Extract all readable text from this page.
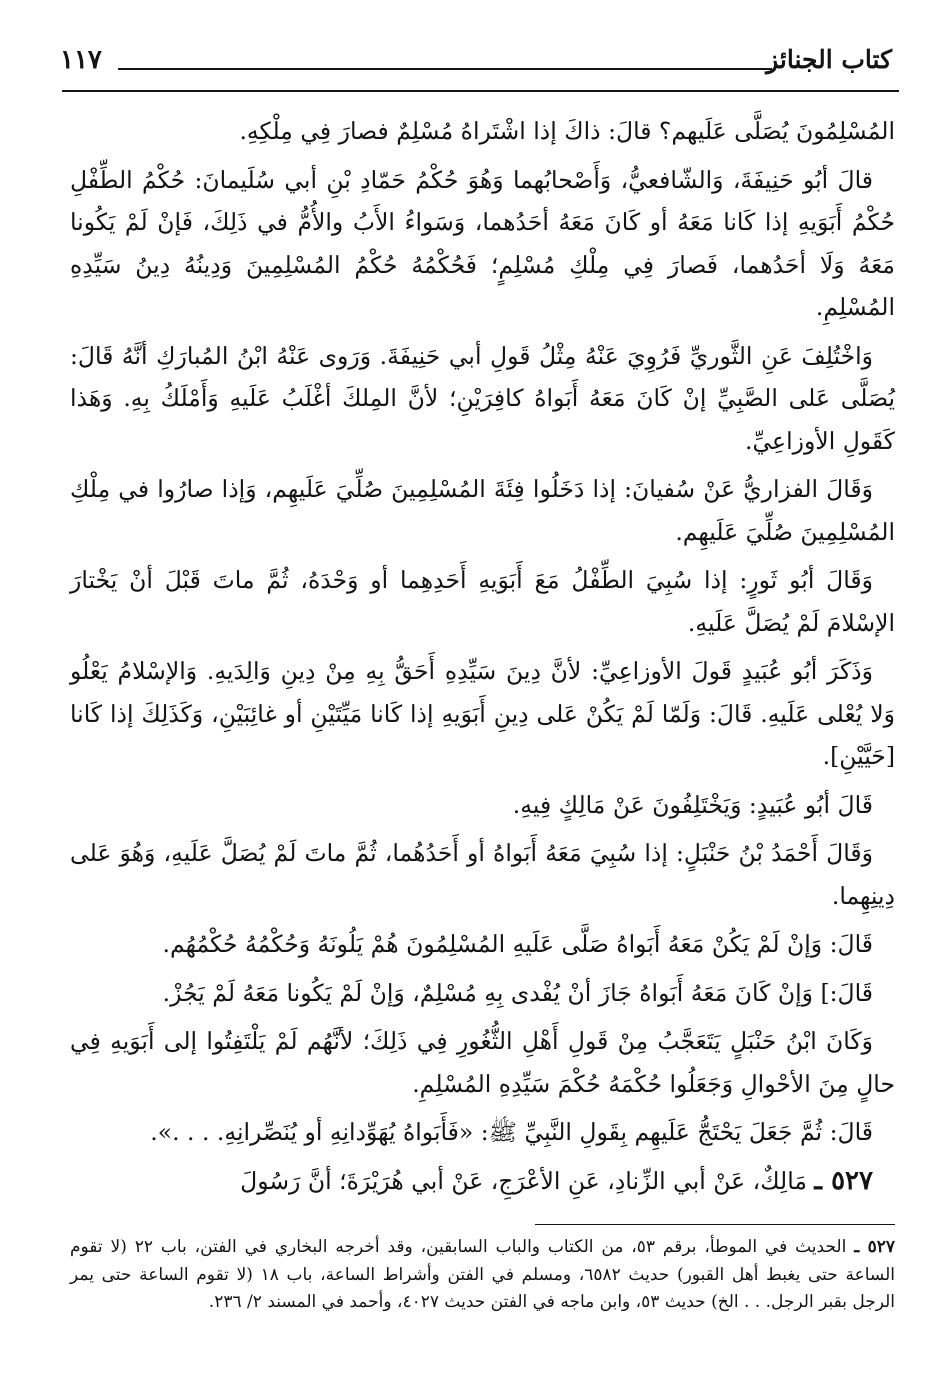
كتاب الجنائز
١١٧

المُسْلِمُونَ يُصَلَّى عَلَيهم؟ قالَ: ذاكَ إذا اشْتَراهُ مُسْلِمٌ فصارَ فِي مِلْكِهِ.

قالَ أبُو حَنِيفَةَ، وَالشّافعيُّ، وَأَصْحابُهما وَهُوَ حُكْمُ حَمّادِ بْنِ أبي سُلَيمانَ: حُكْمُ الطِّفْلِ حُكْمُ أَبَوَيهِ إذا كَانا مَعَهُ أو كَانَ مَعَهُ أحَدُهما، وَسَواءُ الأَبُ والأُمُّ في ذَلِكَ، فَإنْ لَمْ يَكُونا مَعَهُ وَلَا أحَدُهما، فَصارَ فِي مِلْكِ مُسْلِمٍ؛ فَحُكْمُهُ حُكْمُ المُسْلِمِينَ وَدِينُهُ دِينُ سَيِّدِهِ المُسْلِمِ.

وَاخْتُلِفَ عَنِ الثَّوريِّ فَرُوِيَ عَنْهُ مِثْلُ قَولِ أبي حَنِيفَةَ. وَرَوى عَنْهُ ابْنُ المُبارَكِ أنَّهُ قَالَ: يُصَلَّى عَلى الصَّبِيِّ إنْ كَانَ مَعَهُ أَبَواهُ كافِرَيْنِ؛ لأنَّ المِلكَ أغْلَبُ عَلَيهِ وَأَمْلَكُ بِهِ. وَهَذا كَقَولِ الأوزاعِيِّ.

وَقَالَ الفزاريُّ عَنْ سُفيانَ: إذا دَخَلُوا فِئَةَ المُسْلِمِينَ صُلِّيَ عَلَيهِم، وَإذا صارُوا في مِلْكِ المُسْلِمِينَ صُلِّيَ عَلَيهِم.

وَقَالَ أبُو ثَورٍ: إذا سُبِيَ الطِّفْلُ مَعَ أَبَوَيهِ أَحَدِهِما أو وَحْدَهُ، ثُمَّ ماتَ قَبْلَ أنْ يَخْتارَ الإسْلامَ لَمْ يُصَلَّ عَلَيهِ.

وَذَكَرَ أبُو عُبَيدٍ قَولَ الأوزاعِيِّ: لأنَّ دِينَ سَيِّدِهِ أَحَقُّ بِهِ مِنْ دِينِ وَالِدَيهِ. وَالإسْلامُ يَعْلُو وَلا يُعْلى عَلَيهِ. قَالَ: وَلَمّا لَمْ يَكُنْ عَلى دِينِ أَبَوَيهِ إذا كَانا مَيِّتَيْنِ أو غائِبَيْنِ، وَكَذَلِكَ إذا كَانا [حَيَّيْنِ].

قَالَ أبُو عُبَيدٍ: وَيَخْتَلِفُونَ عَنْ مَالِكٍ فِيهِ.

وَقَالَ أَحْمَدُ بْنُ حَنْبَلٍ: إذا سُبِيَ مَعَهُ أَبَواهُ أو أَحَدُهُما، ثُمَّ ماتَ لَمْ يُصَلَّ عَلَيهِ، وَهُوَ عَلى دِينِهِما.

قَالَ: وَإنْ لَمْ يَكُنْ مَعَهُ أَبَواهُ صَلَّى عَلَيهِ المُسْلِمُونَ هُمْ يَلُونَهُ وَحُكْمُهُ حُكْمُهُم.

قَالَ:] وَإنْ كَانَ مَعَهُ أَبَواهُ جَازَ أنْ يُفْدى بِهِ مُسْلِمٌ، وَإنْ لَمْ يَكُونا مَعَهُ لَمْ يَجُزْ.

وَكَانَ ابْنُ حَنْبَلٍ يَتَعَجَّبُ مِنْ قَولِ أَهْلِ الثُّغُورِ فِي ذَلِكَ؛ لأنَّهُم لَمْ يَلْتَفِتُوا إلى أَبَوَيهِ فِي حالٍ مِنَ الأحْوالِ وَجَعَلُوا حُكْمَهُ حُكْمَ سَيِّدِهِ المُسْلِمِ.

قَالَ: ثُمَّ جَعَلَ يَحْتَجُّ عَلَيهِم بِقَولِ النَّبِيِّ ﷺ: «فَأَبَواهُ يُهَوِّدانِهِ أو يُنَصِّرانِهِ. . . .».

٥٢٧ ـ مَالِكٌ، عَنْ أبي الزِّنادِ، عَنِ الأعْرَجِ، عَنْ أبي هُرَيْرَةَ؛ أنَّ رَسُولَ

٥٢٧ ـ الحديث في الموطأ، برقم ٥٣، من الكتاب والباب السابقين، وقد أخرجه البخاري في الفتن، باب ٢٢ (لا تقوم الساعة حتى يغبط أهل القبور) حديث ٦٥٨٢، ومسلم في الفتن وأشراط الساعة، باب ١٨ (لا تقوم الساعة حتى يمر الرجل بقبر الرجل. . . الخ) حديث ٥٣، وابن ماجه في الفتن حديث ٤٠٢٧، وأحمد في المسند ٢/ ٢٣٦.
